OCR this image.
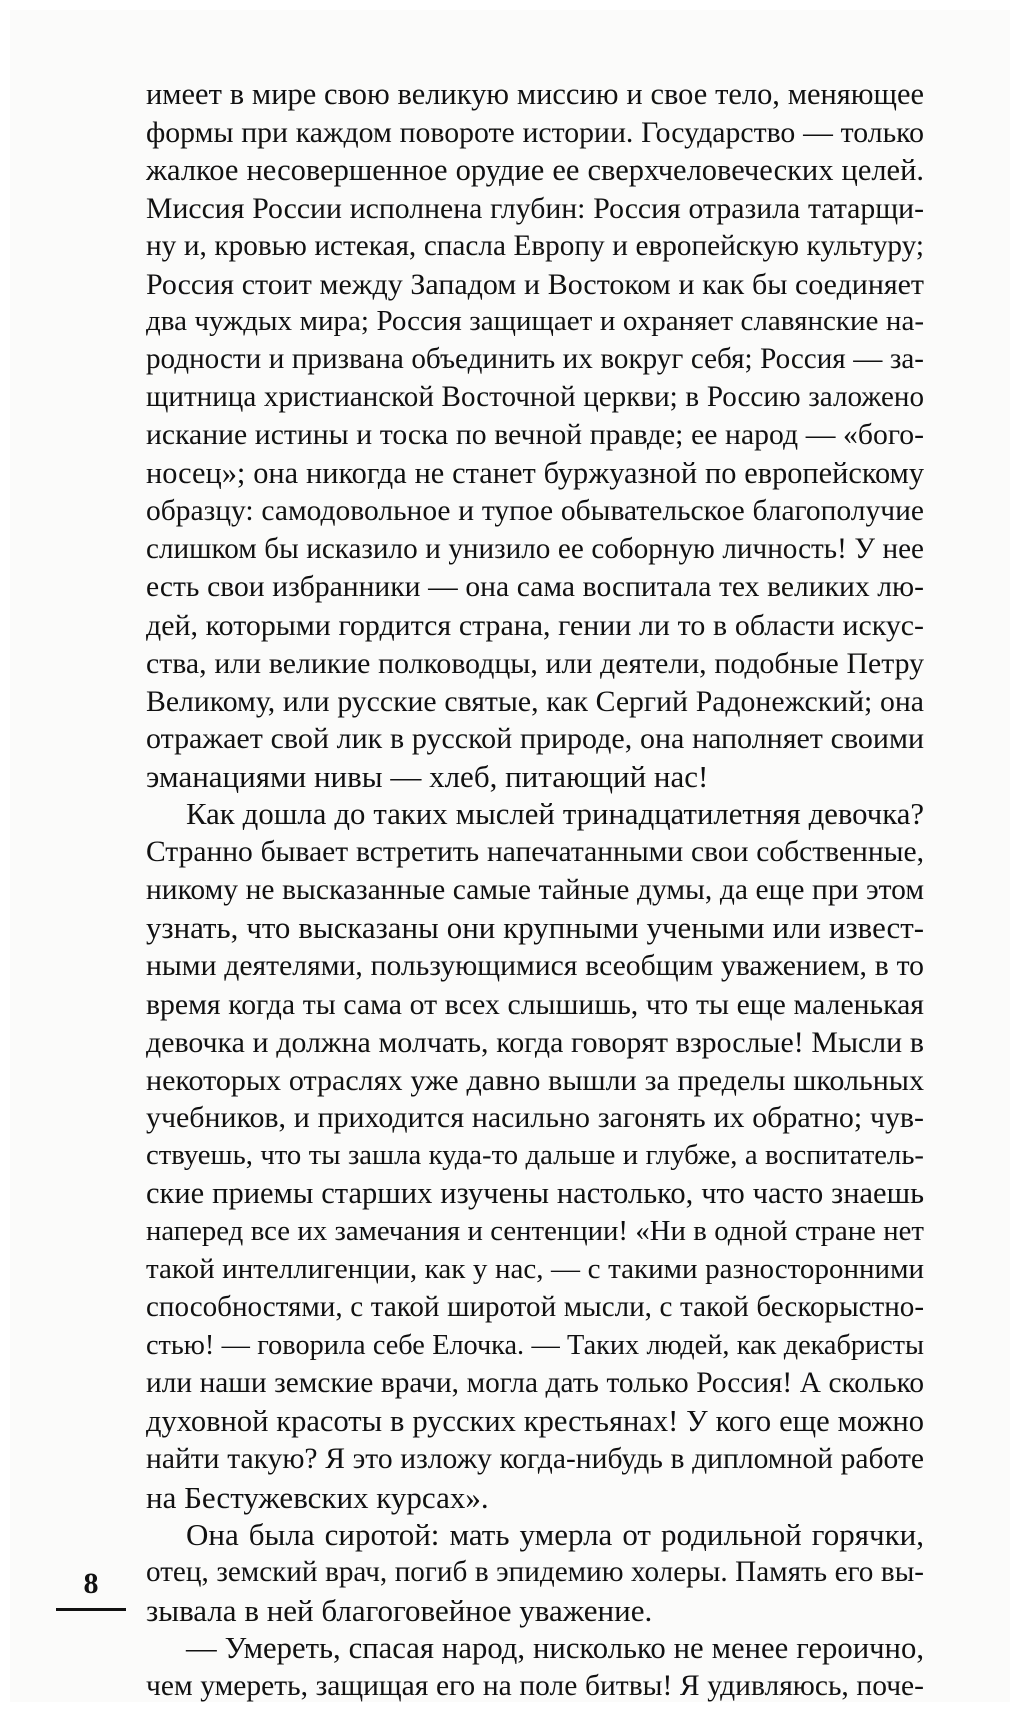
имеет в мире свою великую миссию и свое тело, меняющее
формы при каждом повороте истории. Государство — только
жалкое несовершенное орудие ее сверхчеловеческих целей.
Миссия России исполнена глубин: Россия отразила татарщи-
ну и, кровью истекая, спасла Европу и европейскую культуру;
Россия стоит между Западом и Востоком и как бы соединяет
два чуждых мира; Россия защищает и охраняет славянские на-
родности и призвана объединить их вокруг себя; Россия — за-
щитница христианской Восточной церкви; в Россию заложено
искание истины и тоска по вечной правде; ее народ — «бого-
носец»; она никогда не станет буржуазной по европейскому
образцу: самодовольное и тупое обывательское благополучие
слишком бы исказило и унизило ее соборную личность! У нее
есть свои избранники — она сама воспитала тех великих лю-
дей, которыми гордится страна, гении ли то в области искус-
ства, или великие полководцы, или деятели, подобные Петру
Великому, или русские святые, как Сергий Радонежский; она
отражает свой лик в русской природе, она наполняет своими
эманациями нивы — хлеб, питающий нас!
Как дошла до таких мыслей тринадцатилетняя девочка?
Странно бывает встретить напечатанными свои собственные,
никому не высказанные самые тайные думы, да еще при этом
узнать, что высказаны они крупными учеными или извест-
ными деятелями, пользующимися всеобщим уважением, в то
время когда ты сама от всех слышишь, что ты еще маленькая
девочка и должна молчать, когда говорят взрослые! Мысли в
некоторых отраслях уже давно вышли за пределы школьных
учебников, и приходится насильно загонять их обратно; чув-
ствуешь, что ты зашла куда-то дальше и глубже, а воспитатель-
ские приемы старших изучены настолько, что часто знаешь
наперед все их замечания и сентенции! «Ни в одной стране нет
такой интеллигенции, как у нас, — с такими разносторонними
способностями, с такой широтой мысли, с такой бескорыстно-
стью! — говорила себе Елочка. — Таких людей, как декабристы
или наши земские врачи, могла дать только Россия! А сколько
духовной красоты в русских крестьянах! У кого еще можно
найти такую? Я это изложу когда-нибудь в дипломной работе
на Бестужевских курсах».
Она была сиротой: мать умерла от родильной горячки,
отец, земский врач, погиб в эпидемию холеры. Память его вы-
зывала в ней благоговейное уважение.
— Умереть, спасая народ, нисколько не менее героично,
чем умереть, защищая его на поле битвы! Я удивляюсь, поче-
8
